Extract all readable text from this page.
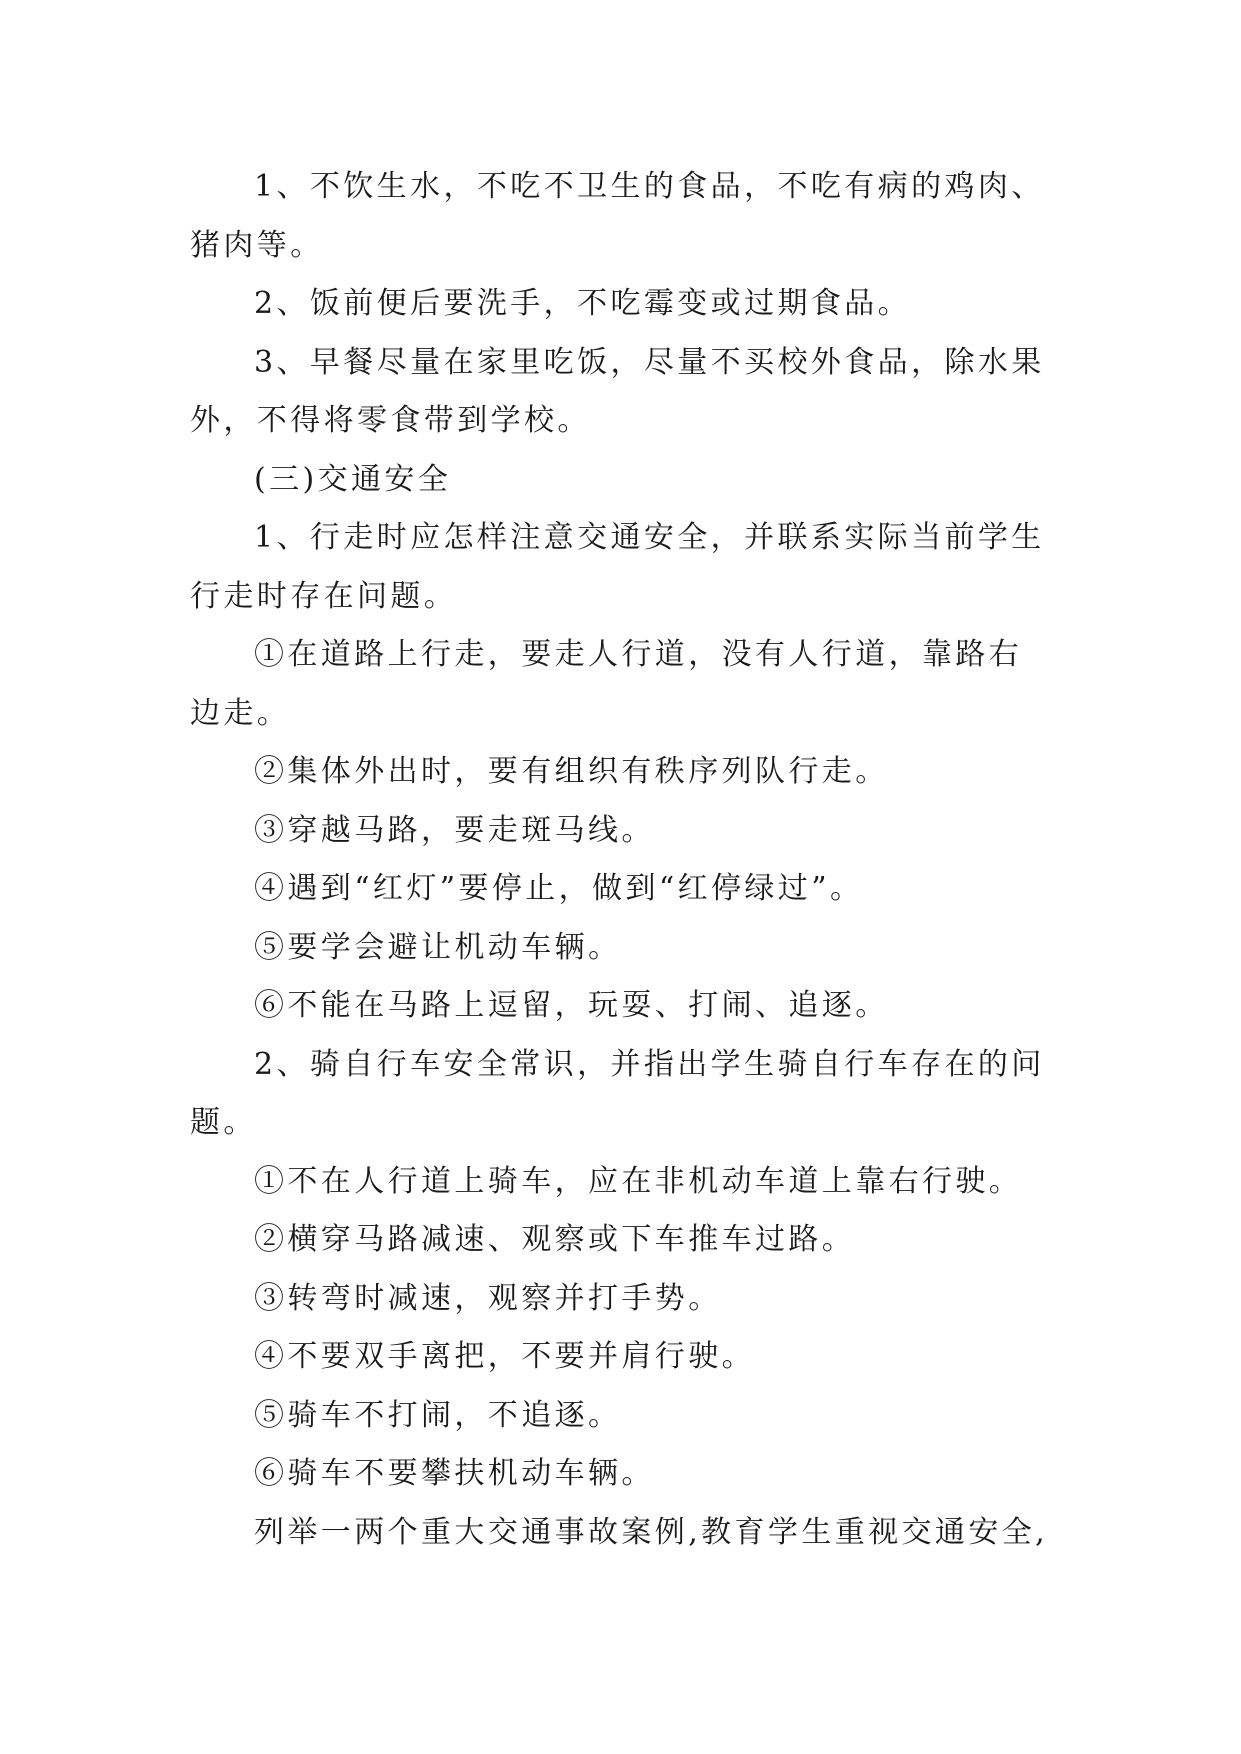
1、不饮生水，不吃不卫生的食品，不吃有病的鸡肉、猪肉等。

2、饭前便后要洗手，不吃霉变或过期食品。

3、早餐尽量在家里吃饭，尽量不买校外食品，除水果外，不得将零食带到学校。

(三)交通安全

1、行走时应怎样注意交通安全，并联系实际当前学生行走时存在问题。

①在道路上行走，要走人行道，没有人行道，靠路右边走。

②集体外出时，要有组织有秩序列队行走。

③穿越马路，要走斑马线。

④遇到“红灯”要停止，做到“红停绿过”。

⑤要学会避让机动车辆。

⑥不能在马路上逗留，玩耍、打闹、追逐。

2、骑自行车安全常识，并指出学生骑自行车存在的问题。

①不在人行道上骑车，应在非机动车道上靠右行驶。

②横穿马路减速、观察或下车推车过路。

③转弯时减速，观察并打手势。

④不要双手离把，不要并肩行驶。

⑤骑车不打闹，不追逐。

⑥骑车不要攀扶机动车辆。

列举一两个重大交通事故案例,教育学生重视交通安全,
